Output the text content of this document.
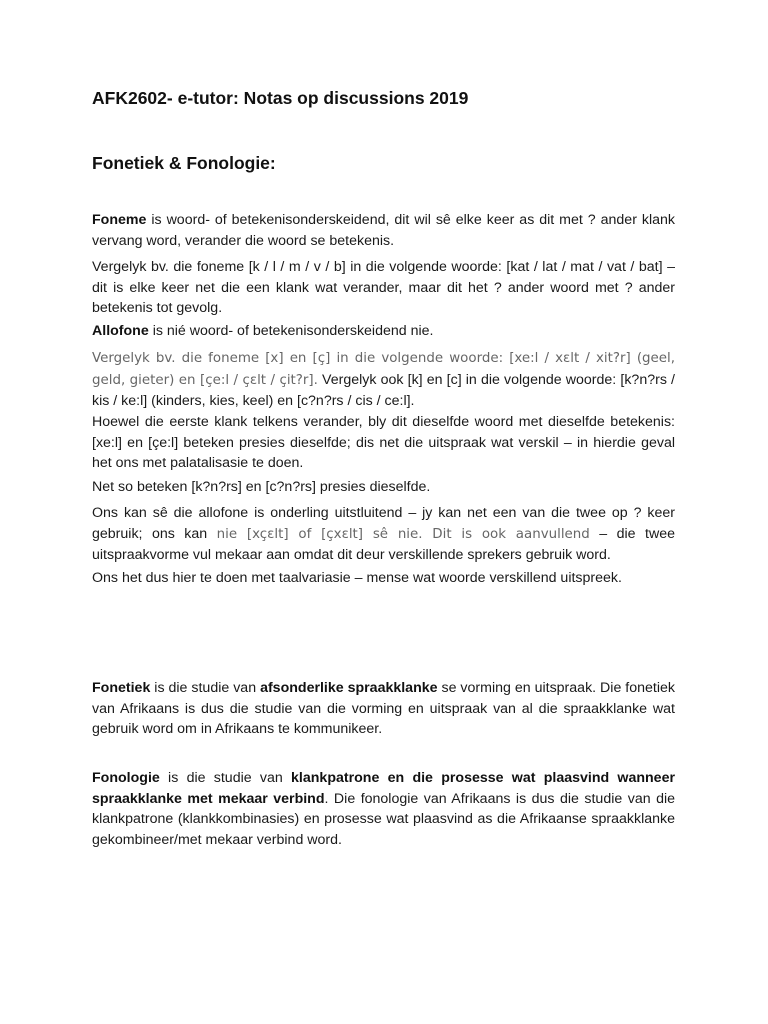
AFK2602- e-tutor: Notas op discussions 2019
Fonetiek & Fonologie:
Foneme is woord- of betekenisonderskeidend, dit wil sê elke keer as dit met ? ander klank vervang word, verander die woord se betekenis.
Vergelyk bv. die foneme [k / l / m / v / b] in die volgende woorde: [kat / lat / mat / vat / bat] – dit is elke keer net die een klank wat verander, maar dit het ? ander woord met ? ander betekenis tot gevolg.
Allofone is nié woord- of betekenisonderskeidend nie.
Vergelyk bv. die foneme [x] en [ç] in die volgende woorde: [xe:l / xɛlt / xit?r] (geel, geld, gieter) en [çe:l / çɛlt / çit?r]. Vergelyk ook [k] en [c] in die volgende woorde: [k?n?rs / kis / ke:l] (kinders, kies, keel) en [c?n?rs / cis / ce:l].
Hoewel die eerste klank telkens verander, bly dit dieselfde woord met dieselfde betekenis: [xe:l] en [çe:l] beteken presies dieselfde; dis net die uitspraak wat verskil – in hierdie geval het ons met palatalisasie te doen.
Net so beteken [k?n?rs] en [c?n?rs] presies dieselfde.
Ons kan sê die allofone is onderling uitstluitend – jy kan net een van die twee op ? keer gebruik; ons kan nie [xçɛlt] of [çxɛlt] sê nie. Dit is ook aanvullend – die twee uitspraakvorme vul mekaar aan omdat dit deur verskillende sprekers gebruik word.
Ons het dus hier te doen met taalvariasie – mense wat woorde verskillend uitspreek.
Fonetiek is die studie van afsonderlike spraakklanke se vorming en uitspraak. Die fonetiek van Afrikaans is dus die studie van die vorming en uitspraak van al die spraakklanke wat gebruik word om in Afrikaans te kommunikeer.
Fonologie is die studie van klankpatrone en die prosesse wat plaasvind wanneer spraakklanke met mekaar verbind. Die fonologie van Afrikaans is dus die studie van die klankpatrone (klankkombinasies) en prosesse wat plaasvind as die Afrikaanse spraakklanke gekombineer/met mekaar verbind word.
